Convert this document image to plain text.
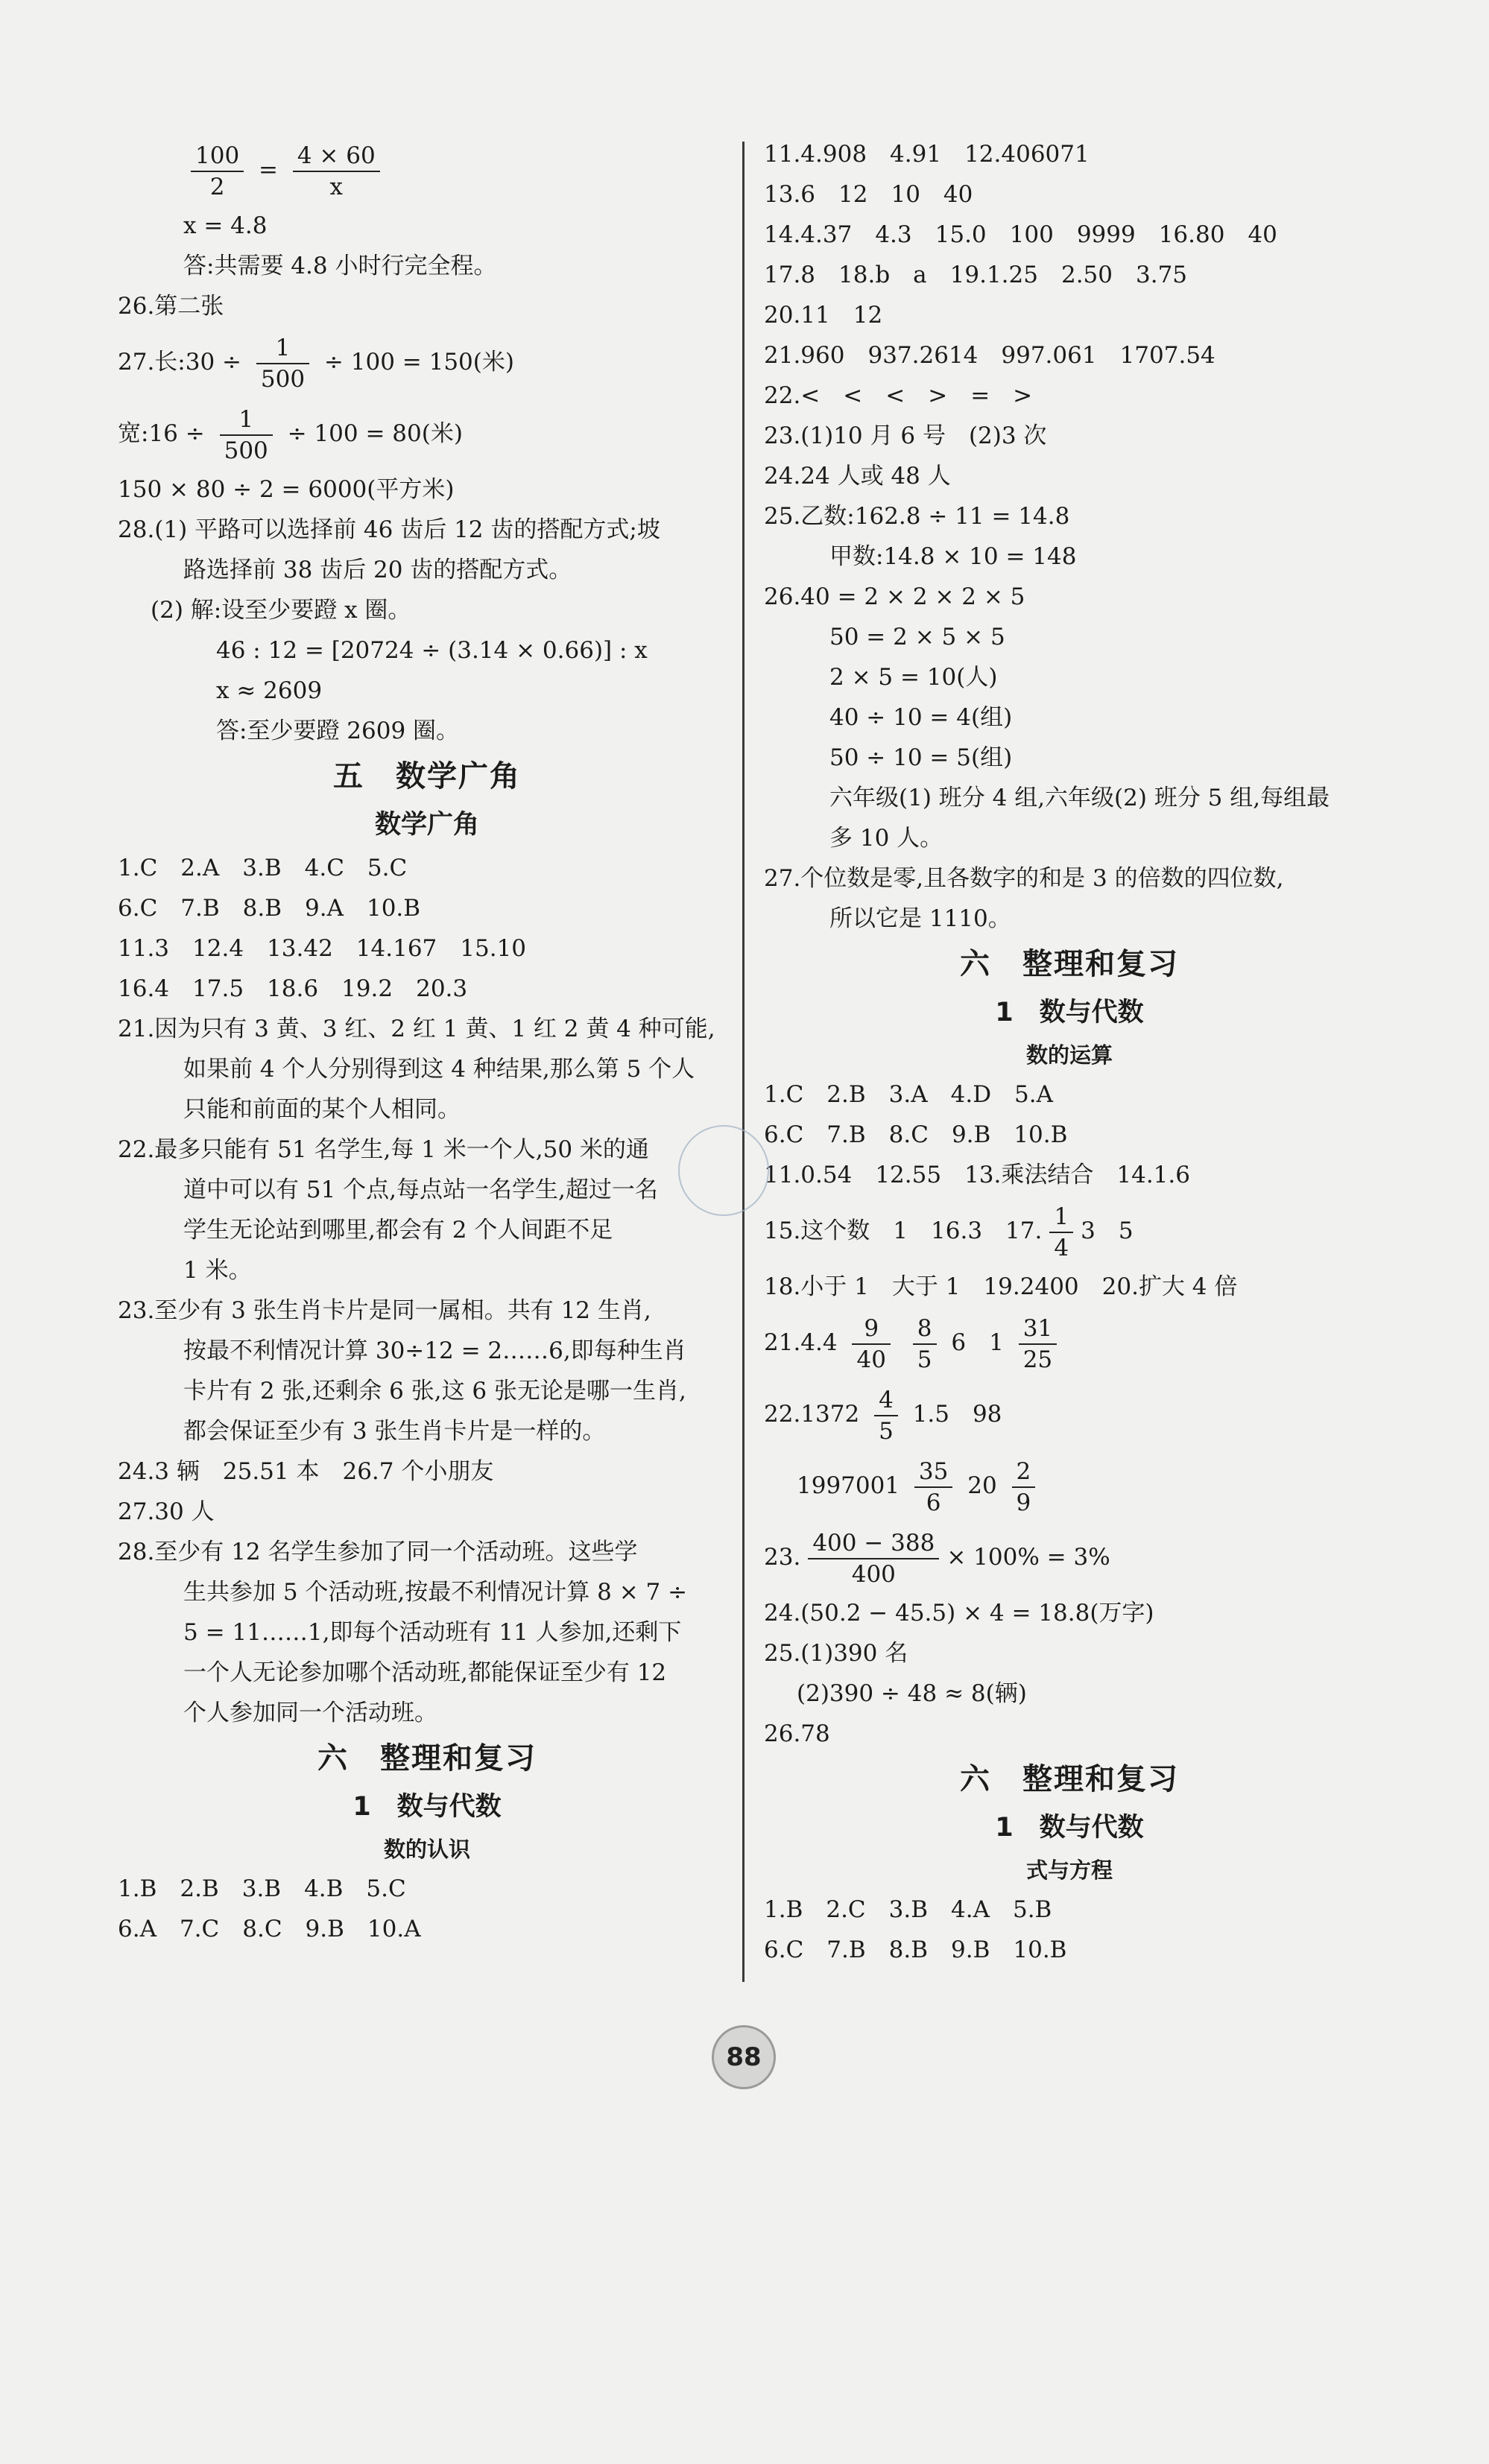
$\frac{100}{2} = \frac{4 \times 60}{x}$
x = 4.8
答:共需要 4.8 小时行完全程。
26.第二张
27.长:30 ÷ $\frac{1}{500} \div 100 = 150$(米)
宽:16 ÷ $\frac{1}{500} \div 100 = 80$(米)
150 × 80 ÷ 2 = 6000(平方米)
28.(1) 平路可以选择前 46 齿后 12 齿的搭配方式;坡
路选择前 38 齿后 20 齿的搭配方式。
(2) 解:设至少要蹬 x 圈。
46 : 12 = [20724 ÷ (3.14 × 0.66)] : x
x ≈ 2609
答:至少要蹬 2609 圈。
五　数学广角
数学广角
1.C　2.A　3.B　4.C　5.C
6.C　7.B　8.B　9.A　10.B
11.3　12.4　13.42　14.167　15.10
16.4　17.5　18.6　19.2　20.3
21.因为只有 3 黄、3 红、2 红 1 黄、1 红 2 黄 4 种可能,
如果前 4 个人分别得到这 4 种结果,那么第 5 个人
只能和前面的某个人相同。
22.最多只能有 51 名学生,每 1 米一个人,50 米的通
道中可以有 51 个点,每点站一名学生,超过一名
学生无论站到哪里,都会有 2 个人间距不足
1 米。
23.至少有 3 张生肖卡片是同一属相。共有 12 生肖,
按最不利情况计算 30÷12 = 2……6,即每种生肖
卡片有 2 张,还剩余 6 张,这 6 张无论是哪一生肖,
都会保证至少有 3 张生肖卡片是一样的。
24.3 辆　25.51 本　26.7 个小朋友
27.30 人
28.至少有 12 名学生参加了同一个活动班。这些学
生共参加 5 个活动班,按最不利情况计算 8 × 7 ÷
5 = 11……1,即每个活动班有 11 人参加,还剩下
一个人无论参加哪个活动班,都能保证至少有 12
个人参加同一个活动班。
六　整理和复习
1　数与代数
数的认识
1.B　2.B　3.B　4.B　5.C
6.A　7.C　8.C　9.B　10.A
11.4.908　4.91　12.406071
13.6　12　10　40
14.4.37　4.3　15.0　100　9999　16.80　40
17.8　18.b　a　19.1.25　2.50　3.75
20.11　12
21.960　937.2614　997.061　1707.54
22.<　<　<　>　=　>
23.(1)10 月 6 号　(2)3 次
24.24 人或 48 人
25.乙数:162.8 ÷ 11 = 14.8
甲数:14.8 × 10 = 148
26.40 = 2 × 2 × 2 × 5
50 = 2 × 5 × 5
2 × 5 = 10(人)
40 ÷ 10 = 4(组)
50 ÷ 10 = 5(组)
六年级(1) 班分 4 组,六年级(2) 班分 5 组,每组最
多 10 人。
27.个位数是零,且各数字的和是 3 的倍数的四位数,
所以它是 1110。
六　整理和复习
1　数与代数
数的运算
1.C　2.B　3.A　4.D　5.A
6.C　7.B　8.C　9.B　10.B
11.0.54　12.55　13.乘法结合　14.1.6
15.这个数　1　16.3　17. $\frac{1}{4} 3$　5
18.小于 1　大于 1　19.2400　20.扩大 4 倍
$21.4.4 \frac{9}{40}$
$\frac{8}{5} 6$　$1 \frac{31}{25}$
$22.1372 \frac{4}{5} 1.5$　98
$1997001 \frac{35}{6} 20 \frac{2}{9}$
23. $\frac{400 - 388}{400} \times 100\% = 3\%$
24.(50.2 − 45.5) × 4 = 18.8(万字)
25.(1)390 名
(2)390 ÷ 48 ≈ 8(辆)
26.78
六　整理和复习
1　数与代数
式与方程
1.B　2.C　3.B　4.A　5.B
6.C　7.B　8.B　9.B　10.B
88
